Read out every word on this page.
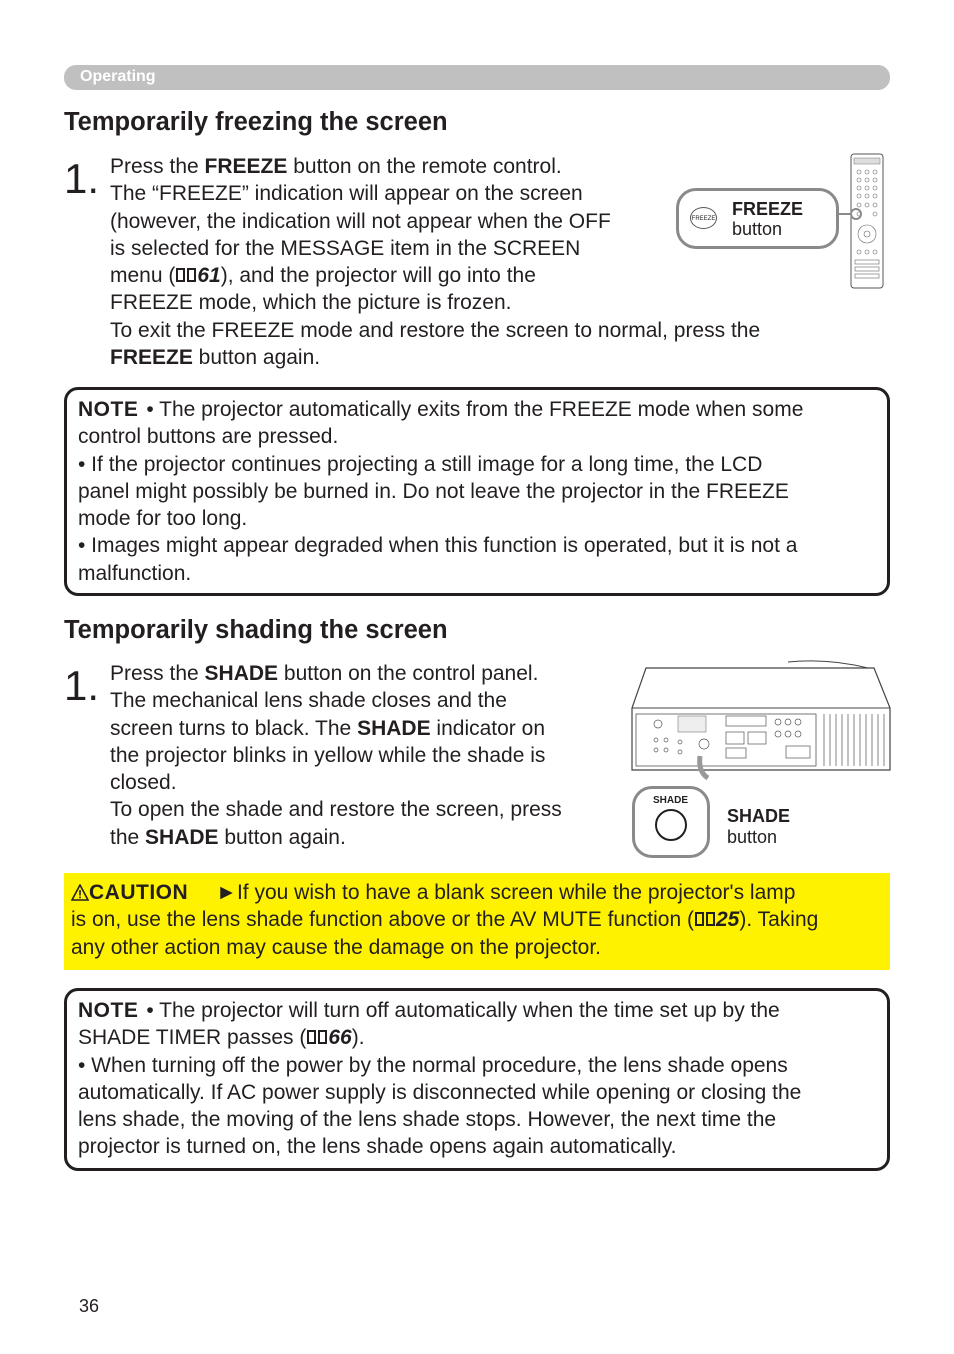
Operating
Temporarily freezing the screen
1. Press the FREEZE button on the remote control.

The “FREEZE” indication will appear on the screen

(however, the indication will not appear when the OFF

is selected for the MESSAGE item in the SCREEN

menu ( 61), and the projector will go into the

FREEZE mode, which the picture is frozen.

To exit the FREEZE mode and restore the screen to normal, press the

FREEZE button again.

FREEZE FREEZE
button

NOTE • The projector automatically exits from the FREEZE mode when some

control buttons are pressed.

• If the projector continues projecting a still image for a long time, the LCD

panel might possibly be burned in. Do not leave the projector in the FREEZE

mode for too long.

• Images might appear degraded when this function is operated, but it is not a

malfunction.

Temporarily shading the screen
1. Press the SHADE button on the control panel.

The mechanical lens shade closes and the

screen turns to black. The SHADE indicator on

the projector blinks in yellow while the shade is

closed.

To open the shade and restore the screen, press

the SHADE button again.

SHADE
SHADE
button

CAUTION ►If you wish to have a blank screen while the projector's lamp

is on, use the lens shade function above or the AV MUTE function ( 25). Taking

any other action may cause the damage on the projector.

NOTE • The projector will turn off automatically when the time set up by the

SHADE TIMER passes ( 66).

• When turning off the power by the normal procedure, the lens shade opens

automatically. If AC power supply is disconnected while opening or closing the

lens shade, the moving of the lens shade stops. However, the next time the

projector is turned on, the lens shade opens again automatically.

36
